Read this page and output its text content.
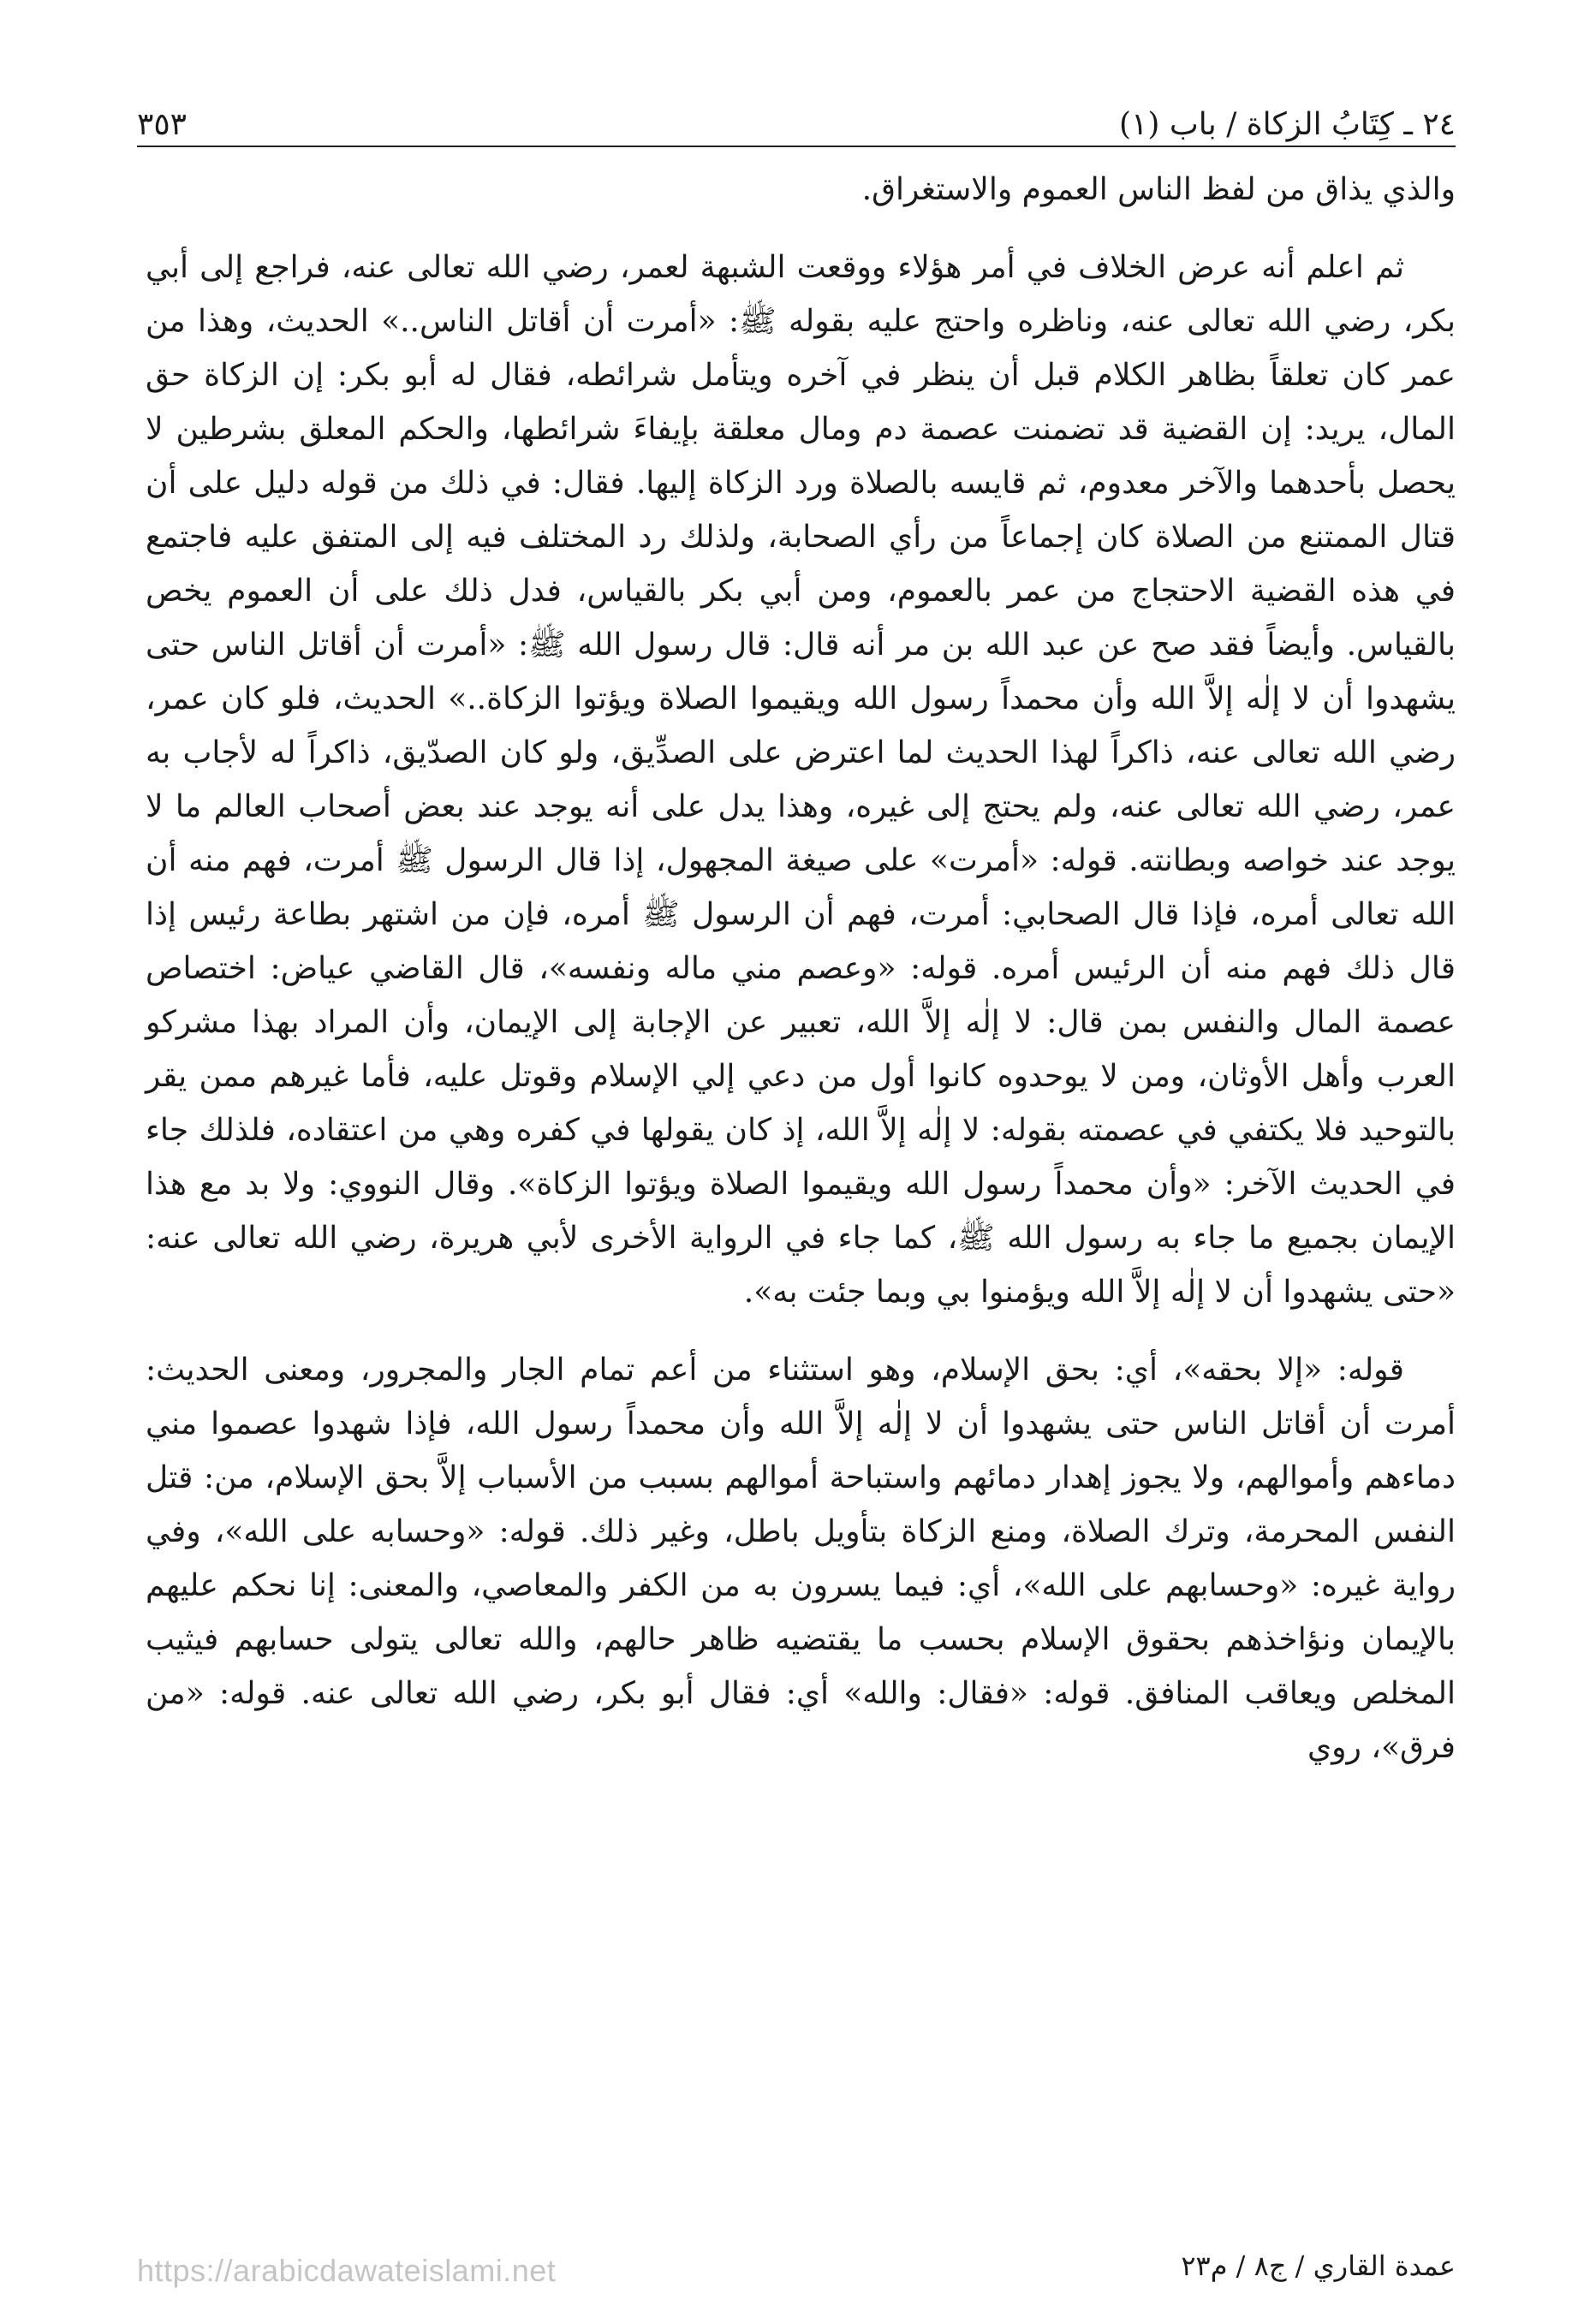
٢٤ ـ كِتَابُ الزكاة / باب (١)
٣٥٣

والذي يذاق من لفظ الناس العموم والاستغراق.

ثم اعلم أنه عرض الخلاف في أمر هؤلاء ووقعت الشبهة لعمر، رضي الله تعالى عنه، فراجع إلى أبي بكر، رضي الله تعالى عنه، وناظره واحتج عليه بقوله ﷺ: «أمرت أن أقاتل الناس..» الحديث، وهذا من عمر كان تعلقاً بظاهر الكلام قبل أن ينظر في آخره ويتأمل شرائطه، فقال له أبو بكر: إن الزكاة حق المال، يريد: إن القضية قد تضمنت عصمة دم ومال معلقة بإيفاءَ شرائطها، والحكم المعلق بشرطين لا يحصل بأحدهما والآخر معدوم، ثم قايسه بالصلاة ورد الزكاة إليها. فقال: في ذلك من قوله دليل على أن قتال الممتنع من الصلاة كان إجماعاً من رأي الصحابة، ولذلك رد المختلف فيه إلى المتفق عليه فاجتمع في هذه القضية الاحتجاج من عمر بالعموم، ومن أبي بكر بالقياس، فدل ذلك على أن العموم يخص بالقياس. وأيضاً فقد صح عن عبد الله بن مر أنه قال: قال رسول الله ﷺ: «أمرت أن أقاتل الناس حتى يشهدوا أن لا إلٰه إلاَّ الله وأن محمداً رسول الله ويقيموا الصلاة ويؤتوا الزكاة..» الحديث، فلو كان عمر، رضي الله تعالى عنه، ذاكراً لهذا الحديث لما اعترض على الصدِّيق، ولو كان الصدّيق، ذاكراً له لأجاب به عمر، رضي الله تعالى عنه، ولم يحتج إلى غيره، وهذا يدل على أنه يوجد عند بعض أصحاب العالم ما لا يوجد عند خواصه وبطانته. قوله: «أمرت» على صيغة المجهول، إذا قال الرسول ﷺ أمرت، فهم منه أن الله تعالى أمره، فإذا قال الصحابي: أمرت، فهم أن الرسول ﷺ أمره، فإن من اشتهر بطاعة رئيس إذا قال ذلك فهم منه أن الرئيس أمره. قوله: «وعصم مني ماله ونفسه»، قال القاضي عياض: اختصاص عصمة المال والنفس بمن قال: لا إلٰه إلاَّ الله، تعبير عن الإجابة إلى الإيمان، وأن المراد بهذا مشركو العرب وأهل الأوثان، ومن لا يوحدوه كانوا أول من دعي إلي الإسلام وقوتل عليه، فأما غيرهم ممن يقر بالتوحيد فلا يكتفي في عصمته بقوله: لا إلٰه إلاَّ الله، إذ كان يقولها في كفره وهي من اعتقاده، فلذلك جاء في الحديث الآخر: «وأن محمداً رسول الله ويقيموا الصلاة ويؤتوا الزكاة». وقال النووي: ولا بد مع هذا الإيمان بجميع ما جاء به رسول الله ﷺ، كما جاء في الرواية الأخرى لأبي هريرة، رضي الله تعالى عنه: «حتى يشهدوا أن لا إلٰه إلاَّ الله ويؤمنوا بي وبما جئت به».

قوله: «إلا بحقه»، أي: بحق الإسلام، وهو استثناء من أعم تمام الجار والمجرور، ومعنى الحديث: أمرت أن أقاتل الناس حتى يشهدوا أن لا إلٰه إلاَّ الله وأن محمداً رسول الله، فإذا شهدوا عصموا مني دماءهم وأموالهم، ولا يجوز إهدار دمائهم واستباحة أموالهم بسبب من الأسباب إلاَّ بحق الإسلام، من: قتل النفس المحرمة، وترك الصلاة، ومنع الزكاة بتأويل باطل، وغير ذلك. قوله: «وحسابه على الله»، وفي رواية غيره: «وحسابهم على الله»، أي: فيما يسرون به من الكفر والمعاصي، والمعنى: إنا نحكم عليهم بالإيمان ونؤاخذهم بحقوق الإسلام بحسب ما يقتضيه ظاهر حالهم، والله تعالى يتولى حسابهم فيثيب المخلص ويعاقب المنافق. قوله: «فقال: والله» أي: فقال أبو بكر، رضي الله تعالى عنه. قوله: «من فرق»، روي

عمدة القاري / ج٨ / م٢٣
https://arabicdawateislami.net
